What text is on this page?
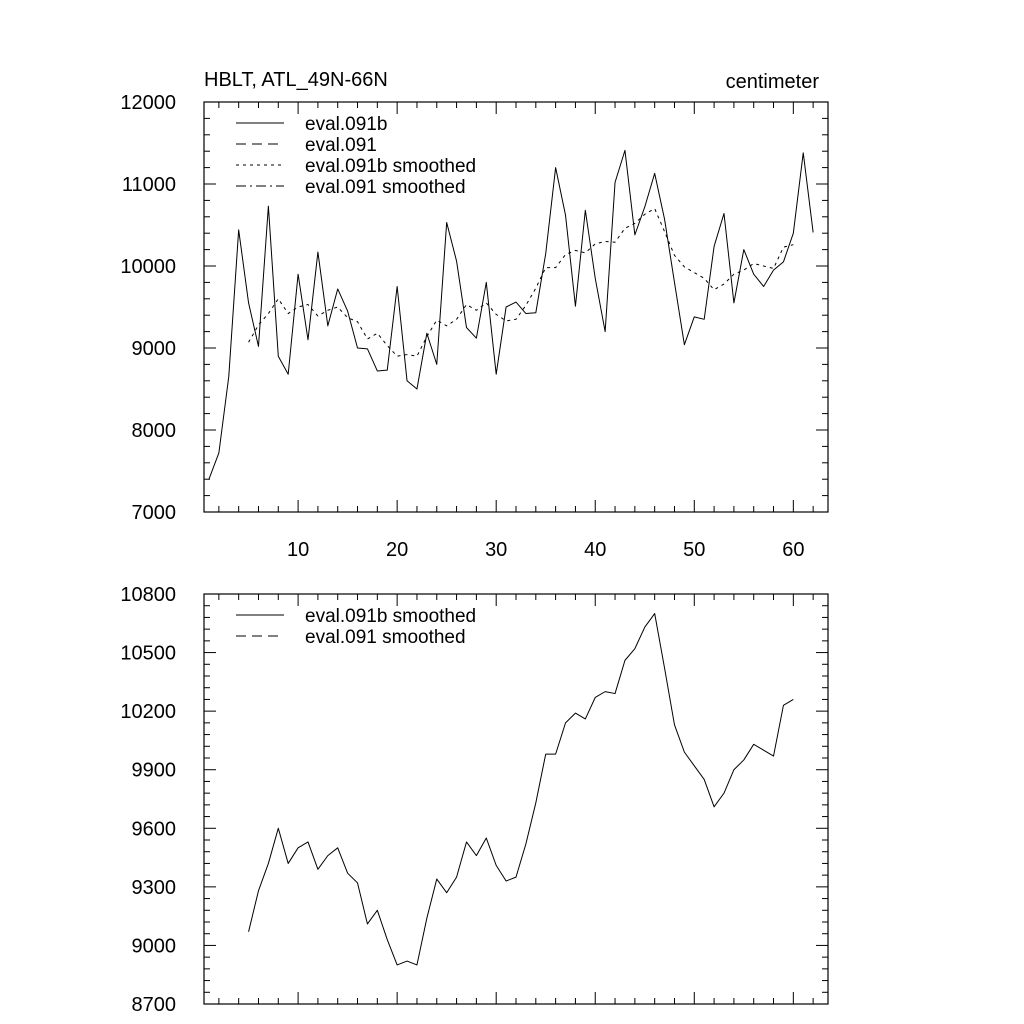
10	20	30	40	50	60
7000
8000
9000
10000
11000
12000
HBLT, ATL_49N-66N	centimeter
eval.091b
eval.091
eval.091b smoothed
eval.091 smoothed
8700
9000
9300
9600
9900
10200
10500
10800
eval.091b smoothed
eval.091 smoothed
